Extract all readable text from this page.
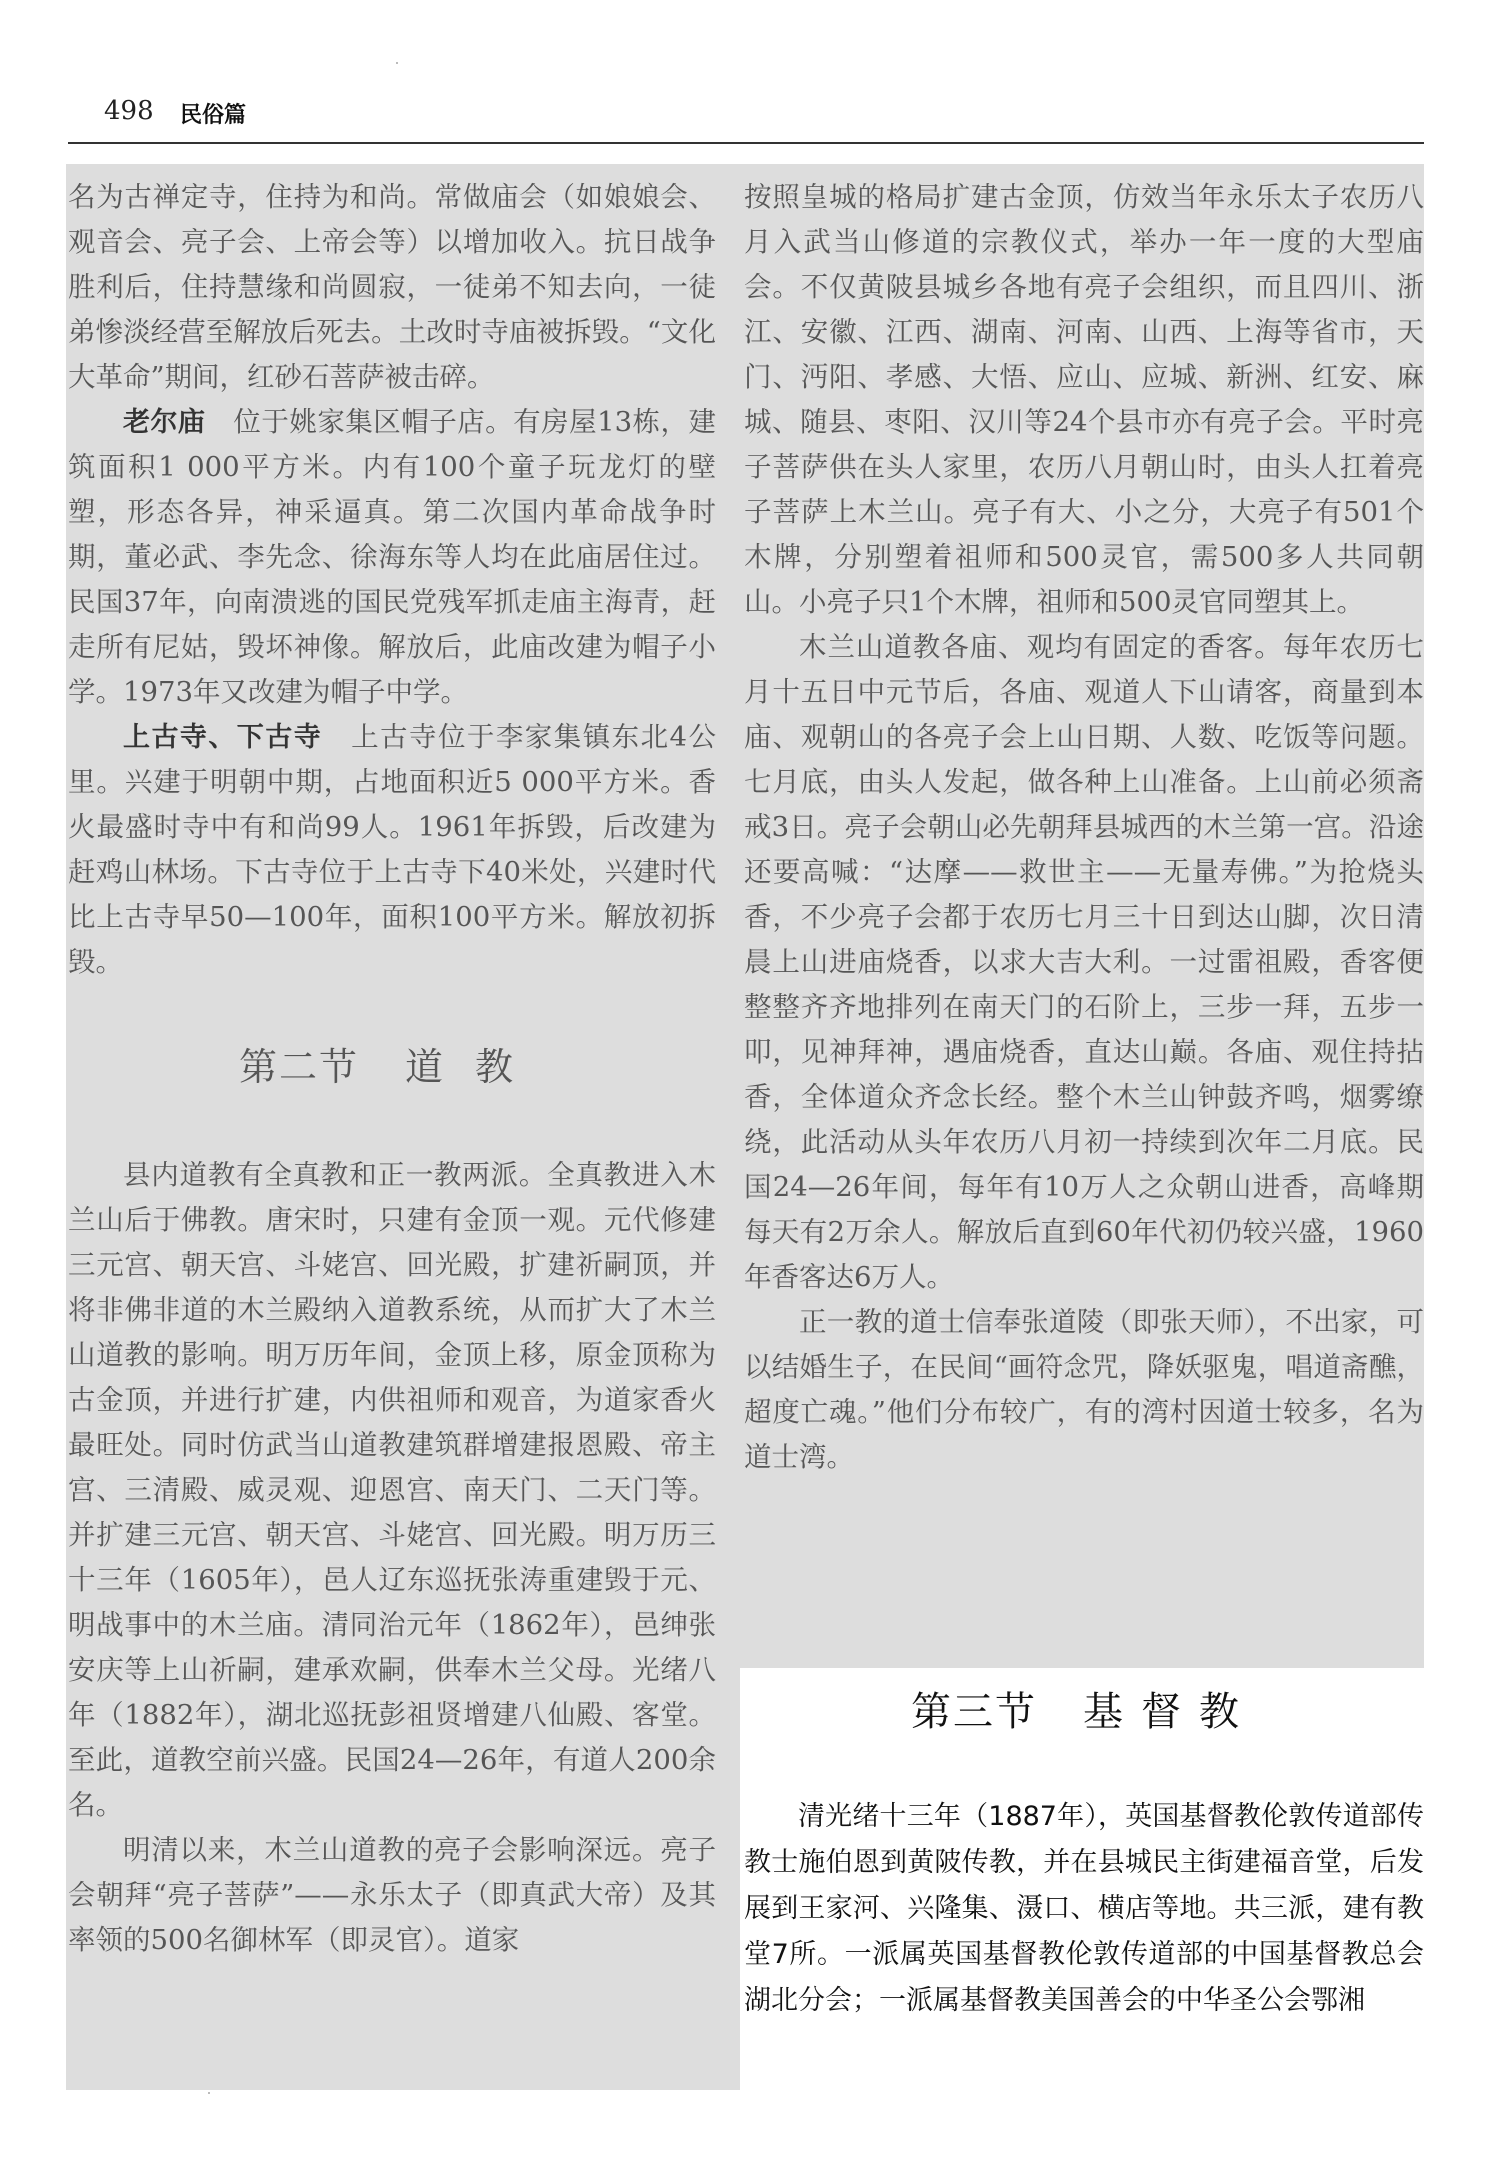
498 民俗篇

名为古禅定寺，住持为和尚。常做庙会（如娘娘会、观音会、亮子会、上帝会等）以增加收入。抗日战争胜利后，住持慧缘和尚圆寂，一徒弟不知去向，一徒弟惨淡经营至解放后死去。土改时寺庙被拆毁。“文化大革命”期间，红砂石菩萨被击碎。

老尔庙　位于姚家集区帽子店。有房屋13栋，建筑面积1 000平方米。内有100个童子玩龙灯的壁塑，形态各异，神采逼真。第二次国内革命战争时期，董必武、李先念、徐海东等人均在此庙居住过。民国37年，向南溃逃的国民党残军抓走庙主海青，赶走所有尼姑，毁坏神像。解放后，此庙改建为帽子小学。1973年又改建为帽子中学。

上古寺、下古寺　上古寺位于李家集镇东北4公里。兴建于明朝中期，占地面积近5 000平方米。香火最盛时寺中有和尚99人。1961年拆毁，后改建为赶鸡山林场。下古寺位于上古寺下40米处，兴建时代比上古寺早50—100年，面积100平方米。解放初拆毁。

第二节 道教

县内道教有全真教和正一教两派。全真教进入木兰山后于佛教。唐宋时，只建有金顶一观。元代修建三元宫、朝天宫、斗姥宫、回光殿，扩建祈嗣顶，并将非佛非道的木兰殿纳入道教系统，从而扩大了木兰山道教的影响。明万历年间，金顶上移，原金顶称为古金顶，并进行扩建，内供祖师和观音，为道家香火最旺处。同时仿武当山道教建筑群增建报恩殿、帝主宫、三清殿、威灵观、迎恩宫、南天门、二天门等。并扩建三元宫、朝天宫、斗姥宫、回光殿。明万历三十三年（1605年），邑人辽东巡抚张涛重建毁于元、明战事中的木兰庙。清同治元年（1862年），邑绅张安庆等上山祈嗣，建承欢嗣，供奉木兰父母。光绪八年（1882年），湖北巡抚彭祖贤增建八仙殿、客堂。至此，道教空前兴盛。民国24—26年，有道人200余名。

明清以来，木兰山道教的亮子会影响深远。亮子会朝拜“亮子菩萨”——永乐太子（即真武大帝）及其率领的500名御林军（即灵官）。道家

按照皇城的格局扩建古金顶，仿效当年永乐太子农历八月入武当山修道的宗教仪式，举办一年一度的大型庙会。不仅黄陂县城乡各地有亮子会组织，而且四川、浙江、安徽、江西、湖南、河南、山西、上海等省市，天门、沔阳、孝感、大悟、应山、应城、新洲、红安、麻城、随县、枣阳、汉川等24个县市亦有亮子会。平时亮子菩萨供在头人家里，农历八月朝山时，由头人扛着亮子菩萨上木兰山。亮子有大、小之分，大亮子有501个木牌，分别塑着祖师和500灵官，需500多人共同朝山。小亮子只1个木牌，祖师和500灵官同塑其上。

木兰山道教各庙、观均有固定的香客。每年农历七月十五日中元节后，各庙、观道人下山请客，商量到本庙、观朝山的各亮子会上山日期、人数、吃饭等问题。七月底，由头人发起，做各种上山准备。上山前必须斋戒3日。亮子会朝山必先朝拜县城西的木兰第一宫。沿途还要高喊：“达摩——救世主——无量寿佛。”为抢烧头香，不少亮子会都于农历七月三十日到达山脚，次日清晨上山进庙烧香，以求大吉大利。一过雷祖殿，香客便整整齐齐地排列在南天门的石阶上，三步一拜，五步一叩，见神拜神，遇庙烧香，直达山巅。各庙、观住持拈香，全体道众齐念长经。整个木兰山钟鼓齐鸣，烟雾缭绕，此活动从头年农历八月初一持续到次年二月底。民国24—26年间，每年有10万人之众朝山进香，高峰期每天有2万余人。解放后直到60年代初仍较兴盛，1960年香客达6万人。

正一教的道士信奉张道陵（即张天师），不出家，可以结婚生子，在民间“画符念咒，降妖驱鬼，唱道斋醮，超度亡魂。”他们分布较广，有的湾村因道士较多，名为道士湾。

第三节 基督教

清光绪十三年（1887年），英国基督教伦敦传道部传教士施伯恩到黄陂传教，并在县城民主街建福音堂，后发展到王家河、兴隆集、滠口、横店等地。共三派，建有教堂7所。一派属英国基督教伦敦传道部的中国基督教总会湖北分会；一派属基督教美国善会的中华圣公会鄂湘
